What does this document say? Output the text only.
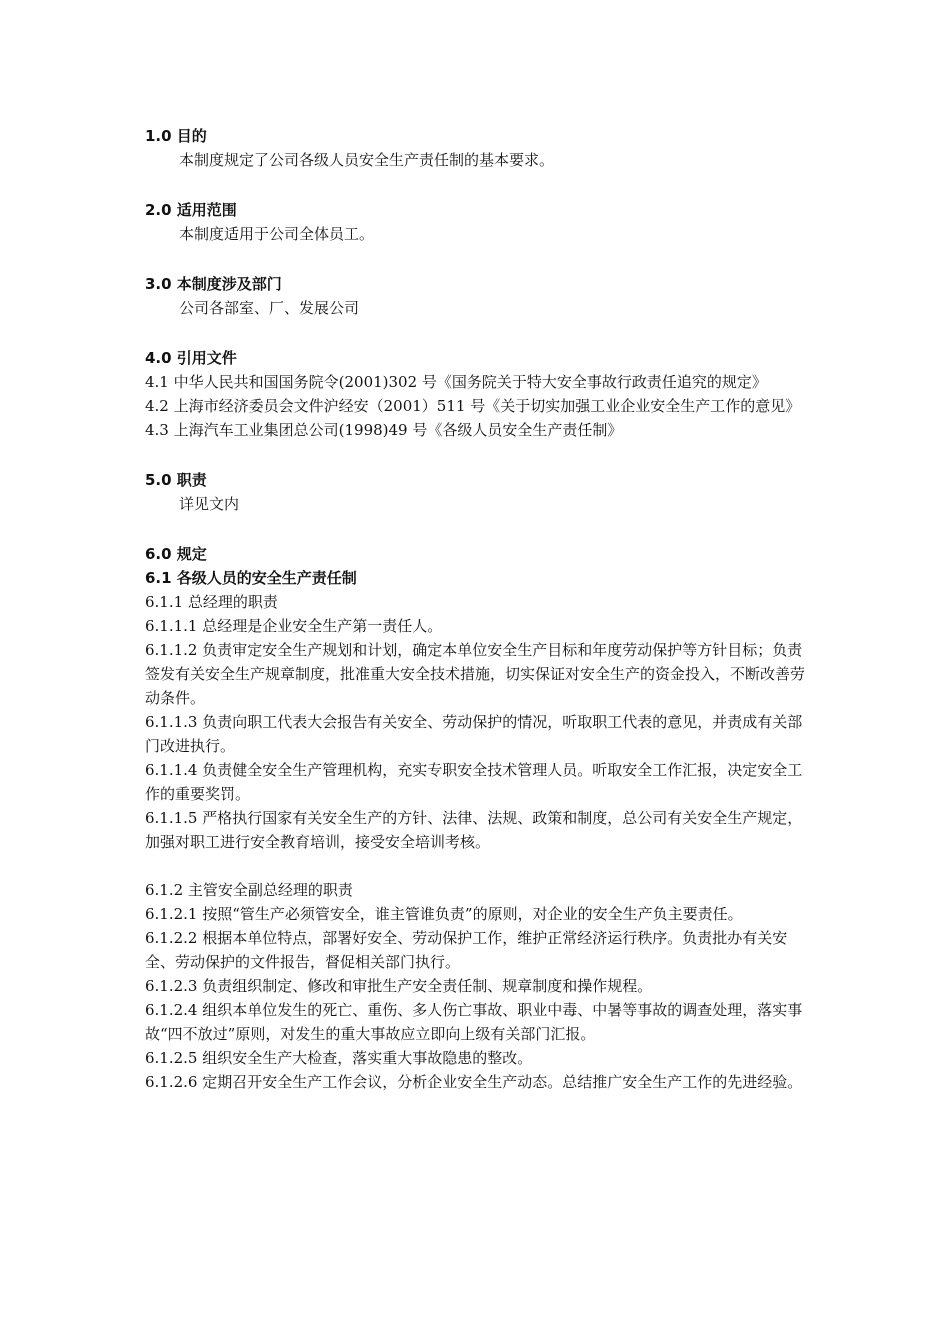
1.0 目的

本制度规定了公司各级人员安全生产责任制的基本要求。

2.0 适用范围

本制度适用于公司全体员工。

3.0 本制度涉及部门

公司各部室、厂、发展公司

4.0 引用文件

4.1 中华人民共和国国务院令(2001)302 号《国务院关于特大安全事故行政责任追究的规定》

4.2 上海市经济委员会文件沪经安（2001）511 号《关于切实加强工业企业安全生产工作的意见》

4.3 上海汽车工业集团总公司(1998)49 号《各级人员安全生产责任制》

5.0 职责

详见文内

6.0 规定

6.1 各级人员的安全生产责任制

6.1.1 总经理的职责

6.1.1.1 总经理是企业安全生产第一责任人。

6.1.1.2 负责审定安全生产规划和计划，确定本单位安全生产目标和年度劳动保护等方针目标；负责签发有关安全生产规章制度，批准重大安全技术措施，切实保证对安全生产的资金投入，不断改善劳动条件。

6.1.1.3 负责向职工代表大会报告有关安全、劳动保护的情况，听取职工代表的意见，并责成有关部门改进执行。

6.1.1.4 负责健全安全生产管理机构，充实专职安全技术管理人员。听取安全工作汇报，决定安全工作的重要奖罚。

6.1.1.5 严格执行国家有关安全生产的方针、法律、法规、政策和制度，总公司有关安全生产规定，加强对职工进行安全教育培训，接受安全培训考核。

6.1.2 主管安全副总经理的职责

6.1.2.1 按照“管生产必须管安全，谁主管谁负责”的原则，对企业的安全生产负主要责任。

6.1.2.2 根据本单位特点，部署好安全、劳动保护工作，维护正常经济运行秩序。负责批办有关安全、劳动保护的文件报告，督促相关部门执行。

6.1.2.3 负责组织制定、修改和审批生产安全责任制、规章制度和操作规程。

6.1.2.4 组织本单位发生的死亡、重伤、多人伤亡事故、职业中毒、中暑等事故的调查处理，落实事故“四不放过”原则，对发生的重大事故应立即向上级有关部门汇报。

6.1.2.5 组织安全生产大检查，落实重大事故隐患的整改。

6.1.2.6 定期召开安全生产工作会议，分析企业安全生产动态。总结推广安全生产工作的先进经验。
